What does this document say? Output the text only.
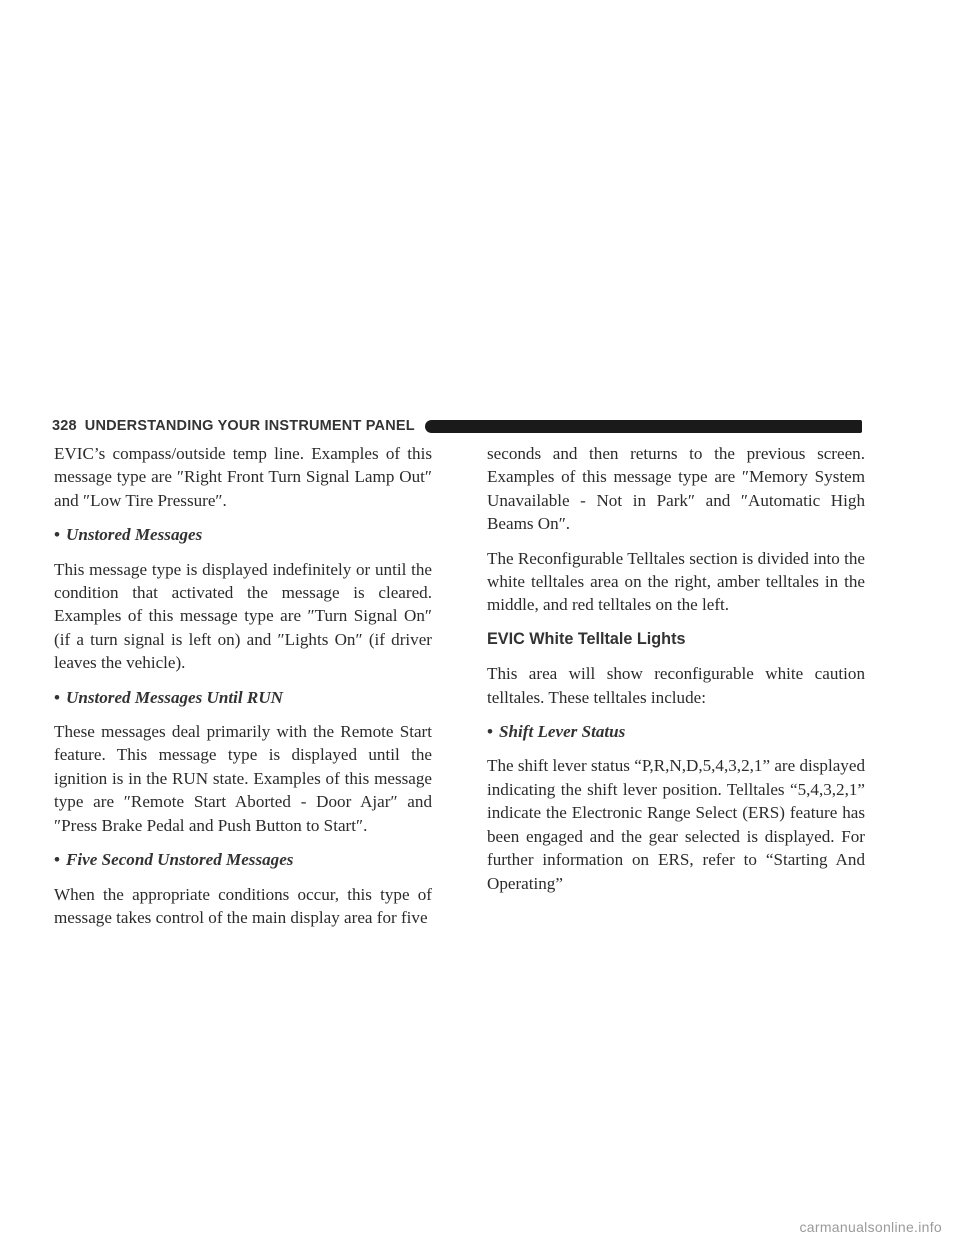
328 UNDERSTANDING YOUR INSTRUMENT PANEL

EVIC’s compass/outside temp line. Examples of this message type are ″Right Front Turn Signal Lamp Out″ and ″Low Tire Pressure″.

• Unstored Messages

This message type is displayed indefinitely or until the condition that activated the message is cleared. Examples of this message type are ″Turn Signal On″ (if a turn signal is left on) and ″Lights On″ (if driver leaves the vehicle).

• Unstored Messages Until RUN

These messages deal primarily with the Remote Start feature. This message type is displayed until the ignition is in the RUN state. Examples of this message type are ″Remote Start Aborted - Door Ajar″ and ″Press Brake Pedal and Push Button to Start″.

• Five Second Unstored Messages

When the appropriate conditions occur, this type of message takes control of the main display area for five

seconds and then returns to the previous screen. Examples of this message type are ″Memory System Unavailable - Not in Park″ and ″Automatic High Beams On″.

The Reconfigurable Telltales section is divided into the white telltales area on the right, amber telltales in the middle, and red telltales on the left.

EVIC White Telltale Lights

This area will show reconfigurable white caution telltales. These telltales include:

• Shift Lever Status

The shift lever status “P,R,N,D,5,4,3,2,1” are displayed indicating the shift lever position. Telltales “5,4,3,2,1” indicate the Electronic Range Select (ERS) feature has been engaged and the gear selected is displayed. For further information on ERS, refer to “Starting And Operating”

carmanualsonline.info
